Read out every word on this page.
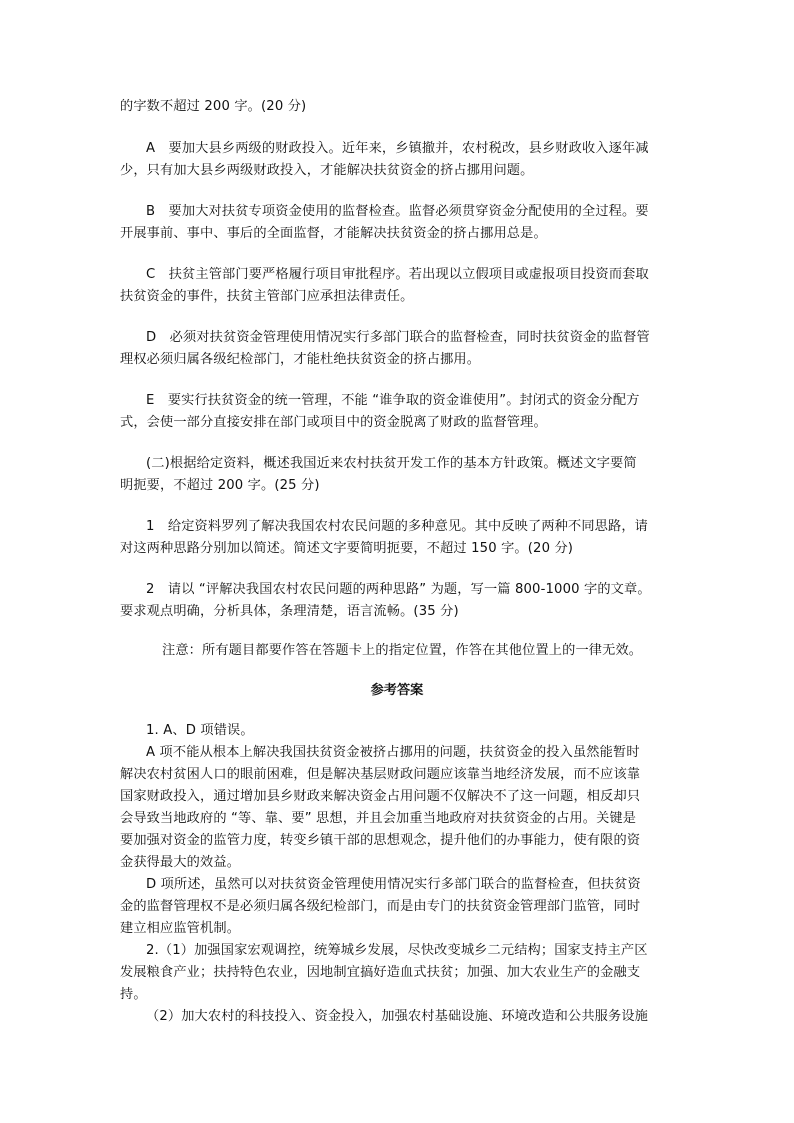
的字数不超过 200 字。(20 分)
A　要加大县乡两级的财政投入。近年来，乡镇撤并，农村税改，县乡财政收入逐年减
少，只有加大县乡两级财政投入，才能解决扶贫资金的挤占挪用问题。
B　要加大对扶贫专项资金使用的监督检查。监督必须贯穿资金分配使用的全过程。要
开展事前、事中、事后的全面监督，才能解决扶贫资金的挤占挪用总是。
C　扶贫主管部门要严格履行项目审批程序。若出现以立假项目或虚报项目投资而套取
扶贫资金的事件，扶贫主管部门应承担法律责任。
D　必须对扶贫资金管理使用情况实行多部门联合的监督检查，同时扶贫资金的监督管
理权必须归属各级纪检部门，才能杜绝扶贫资金的挤占挪用。
E　要实行扶贫资金的统一管理，不能 “谁争取的资金谁使用”。封闭式的资金分配方
式，会使一部分直接安排在部门或项目中的资金脱离了财政的监督管理。
(二)根据给定资料，概述我国近来农村扶贫开发工作的基本方针政策。概述文字要简
明扼要，不超过 200 字。(25 分)
1　给定资料罗列了解决我国农村农民问题的多种意见。其中反映了两种不同思路，请
对这两种思路分别加以简述。简述文字要简明扼要，不超过 150 字。(20 分)
2　请以 “评解决我国农村农民问题的两种思路” 为题，写一篇 800-1000 字的文章。
要求观点明确，分析具体，条理清楚，语言流畅。(35 分)
注意：所有题目都要作答在答题卡上的指定位置，作答在其他位置上的一律无效。
参考答案
1. A、D 项错误。
A 项不能从根本上解决我国扶贫资金被挤占挪用的问题，扶贫资金的投入虽然能暂时
解决农村贫困人口的眼前困难，但是解决基层财政问题应该靠当地经济发展，而不应该靠
国家财政投入，通过增加县乡财政来解决资金占用问题不仅解决不了这一问题，相反却只
会导致当地政府的 “等、靠、要” 思想，并且会加重当地政府对扶贫资金的占用。关键是
要加强对资金的监管力度，转变乡镇干部的思想观念，提升他们的办事能力，使有限的资
金获得最大的效益。
D 项所述，虽然可以对扶贫资金管理使用情况实行多部门联合的监督检查，但扶贫资
金的监督管理权不是必须归属各级纪检部门，而是由专门的扶贫资金管理部门监管，同时
建立相应监管机制。
2.（1）加强国家宏观调控，统筹城乡发展，尽快改变城乡二元结构；国家支持主产区
发展粮食产业；扶持特色农业，因地制宜搞好造血式扶贫；加强、加大农业生产的金融支
持。
（2）加大农村的科技投入、资金投入，加强农村基础设施、环境改造和公共服务设施
